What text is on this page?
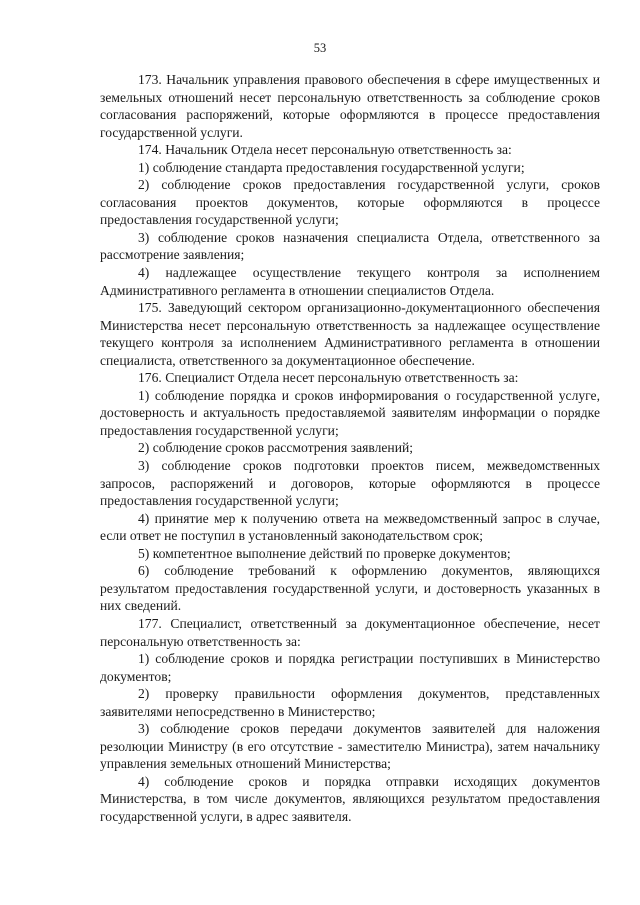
53

173. Начальник управления правового обеспечения в сфере имущественных и земельных отношений несет персональную ответственность за соблюдение сроков согласования распоряжений, которые оформляются в процессе предоставления государственной услуги.

174. Начальник Отдела несет персональную ответственность за:

1) соблюдение стандарта предоставления государственной услуги;

2) соблюдение сроков предоставления государственной услуги, сроков согласования проектов документов, которые оформляются в процессе предоставления государственной услуги;

3) соблюдение сроков назначения специалиста Отдела, ответственного за рассмотрение заявления;

4) надлежащее осуществление текущего контроля за исполнением Административного регламента в отношении специалистов Отдела.

175. Заведующий сектором организационно-документационного обеспечения Министерства несет персональную ответственность за надлежащее осуществление текущего контроля за исполнением Административного регламента в отношении специалиста, ответственного за документационное обеспечение.

176. Специалист Отдела несет персональную ответственность за:

1) соблюдение порядка и сроков информирования о государственной услуге, достоверность и актуальность предоставляемой заявителям информации о порядке предоставления государственной услуги;

2) соблюдение сроков рассмотрения заявлений;

3) соблюдение сроков подготовки проектов писем, межведомственных запросов, распоряжений и договоров, которые оформляются в процессе предоставления государственной услуги;

4) принятие мер к получению ответа на межведомственный запрос в случае, если ответ не поступил в установленный законодательством срок;

5) компетентное выполнение действий по проверке документов;

6) соблюдение требований к оформлению документов, являющихся результатом предоставления государственной услуги, и достоверность указанных в них сведений.

177. Специалист, ответственный за документационное обеспечение, несет персональную ответственность за:

1) соблюдение сроков и порядка регистрации поступивших в Министерство документов;

2) проверку правильности оформления документов, представленных заявителями непосредственно в Министерство;

3) соблюдение сроков передачи документов заявителей для наложения резолюции Министру (в его отсутствие - заместителю Министра), затем начальнику управления земельных отношений Министерства;

4) соблюдение сроков и порядка отправки исходящих документов Министерства, в том числе документов, являющихся результатом предоставления государственной услуги, в адрес заявителя.
